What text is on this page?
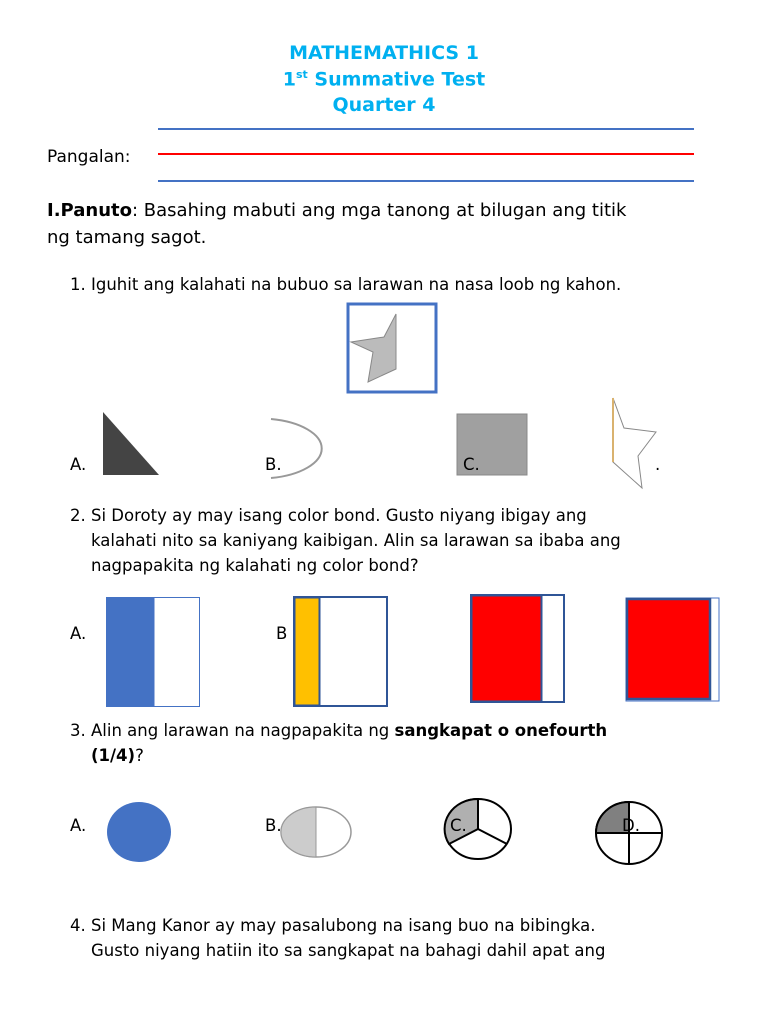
MATHEMATHICS 1
1st Summative Test
Quarter 4
Pangalan:
I.Panuto: Basahing mabuti ang mga tanong at bilugan ang titik
ng tamang sagot.
1. Iguhit ang kalahati na bubuo sa larawan na nasa loob ng kahon.
A.	B.	C.	.
2. Si Doroty ay may isang color bond. Gusto niyang ibigay ang
kalahati nito sa kaniyang kaibigan. Alin sa larawan sa ibaba ang
nagpapakita ng kalahati ng color bond?
A.	B
3. Alin ang larawan na nagpapakita ng sangkapat o onefourth
(1/4)?
A.	B.	C.	D.
4. Si Mang Kanor ay may pasalubong na isang buo na bibingka.
Gusto niyang hatiin ito sa sangkapat na bahagi dahil apat ang
